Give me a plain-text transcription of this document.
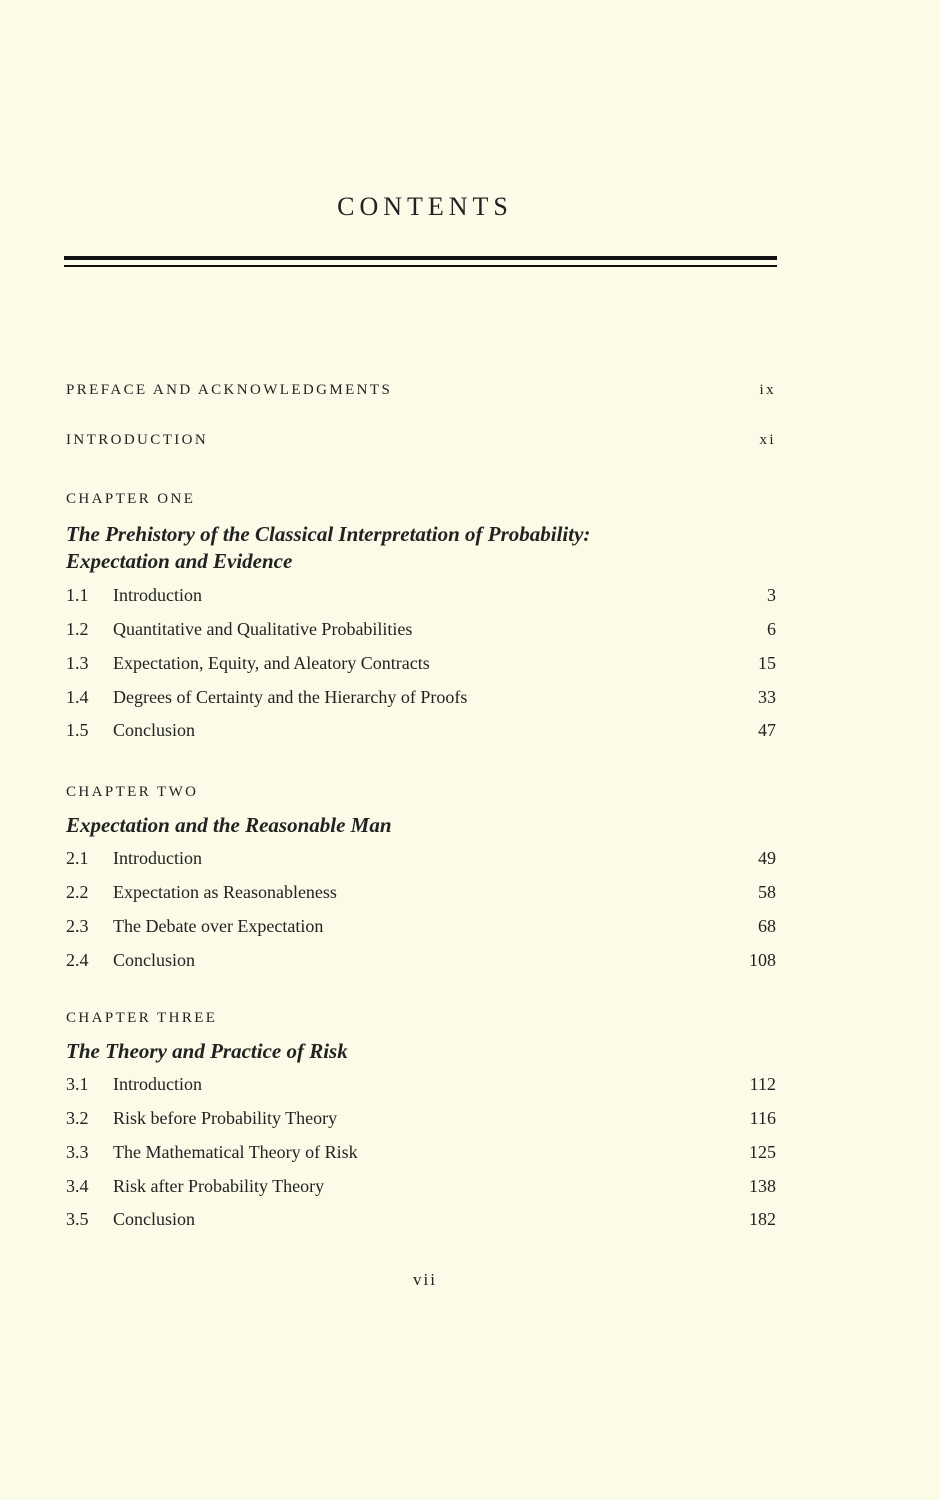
CONTENTS
PREFACE AND ACKNOWLEDGMENTS	ix
INTRODUCTION	xi
CHAPTER ONE
The Prehistory of the Classical Interpretation of Probability:
Expectation and Evidence
1.1	Introduction	3
1.2	Quantitative and Qualitative Probabilities	6
1.3	Expectation, Equity, and Aleatory Contracts	15
1.4	Degrees of Certainty and the Hierarchy of Proofs	33
1.5	Conclusion	47
CHAPTER TWO
Expectation and the Reasonable Man
2.1	Introduction	49
2.2	Expectation as Reasonableness	58
2.3	The Debate over Expectation	68
2.4	Conclusion	108
CHAPTER THREE
The Theory and Practice of Risk
3.1	Introduction	112
3.2	Risk before Probability Theory	116
3.3	The Mathematical Theory of Risk	125
3.4	Risk after Probability Theory	138
3.5	Conclusion	182
vii
